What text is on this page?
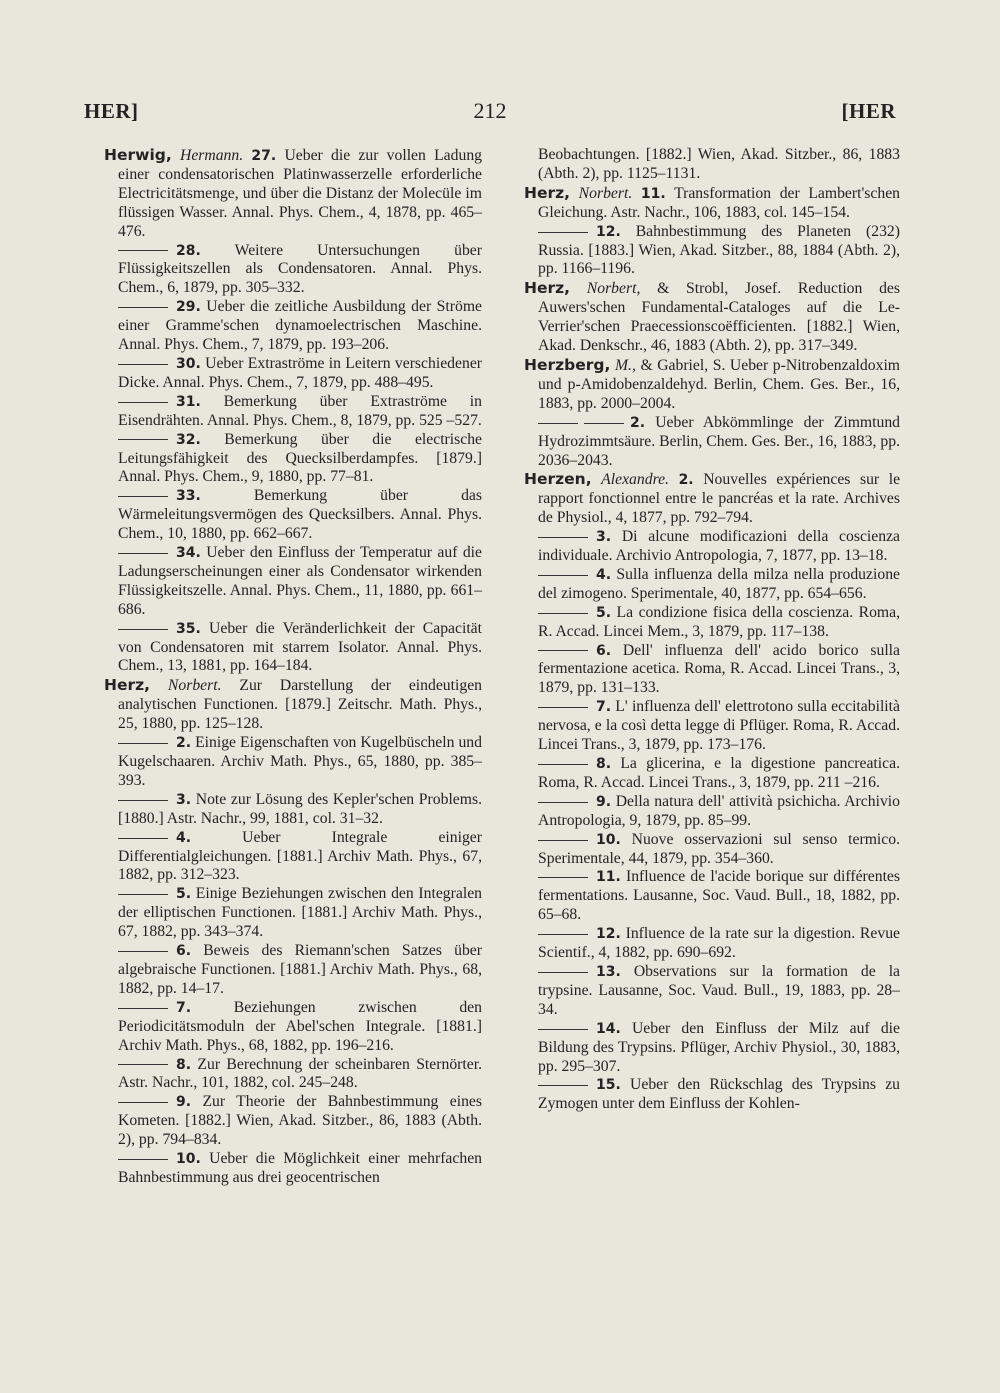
HER]	212	[HER

Herwig, Hermann. 27. Ueber die zur vollen Ladung einer condensatorischen Platinwasserzelle erforderliche Electricitätsmenge, und über die Distanz der Molecüle im flüssigen Wasser. Annal. Phys. Chem., 4, 1878, pp. 465–476.

28. Weitere Untersuchungen über Flüssigkeitszellen als Condensatoren. Annal. Phys. Chem., 6, 1879, pp. 305–332.

29. Ueber die zeitliche Ausbildung der Ströme einer Gramme'schen dynamoelectrischen Maschine. Annal. Phys. Chem., 7, 1879, pp. 193–206.

30. Ueber Extraströme in Leitern verschiedener Dicke. Annal. Phys. Chem., 7, 1879, pp. 488–495.

31. Bemerkung über Extraströme in Eisendrähten. Annal. Phys. Chem., 8, 1879, pp. 525 –527.

32. Bemerkung über die electrische Leitungsfähigkeit des Quecksilberdampfes. [1879.] Annal. Phys. Chem., 9, 1880, pp. 77–81.

33.	Bemerkung über das Wärmeleitungsvermögen des Quecksilbers. Annal. Phys. Chem., 10, 1880, pp. 662–667.

34. Ueber den Einfluss der Temperatur auf die Ladungserscheinungen einer als Condensator wirkenden Flüssigkeitszelle. Annal. Phys. Chem., 11, 1880, pp. 661–686.

35. Ueber die Veränderlichkeit der Capacität von Condensatoren mit starrem Isolator. Annal. Phys. Chem., 13, 1881, pp. 164–184.

Herz, Norbert. Zur Darstellung der eindeutigen analytischen Functionen. [1879.] Zeitschr. Math. Phys., 25, 1880, pp. 125–128.

2. Einige Eigenschaften von Kugelbüscheln und Kugelschaaren. Archiv Math. Phys., 65, 1880, pp. 385–393.

3. Note zur Lösung des Kepler'schen Problems. [1880.] Astr. Nachr., 99, 1881, col. 31–32.

4.	Ueber Integrale einiger Differentialgleichungen. [1881.] Archiv Math. Phys., 67, 1882, pp. 312–323.

5. Einige Beziehungen zwischen den Integralen der elliptischen Functionen. [1881.] Archiv Math. Phys., 67, 1882, pp. 343–374.

6. Beweis des Riemann'schen Satzes über algebraische Functionen. [1881.] Archiv Math. Phys., 68, 1882, pp. 14–17.

7.	Beziehungen zwischen den Periodicitätsmoduln der Abel'schen Integrale. [1881.] Archiv Math. Phys., 68, 1882, pp. 196–216.

8. Zur Berechnung der scheinbaren Sternörter. Astr. Nachr., 101, 1882, col. 245–248.

9. Zur Theorie der Bahnbestimmung eines Kometen. [1882.] Wien, Akad. Sitzber., 86, 1883 (Abth. 2), pp. 794–834.

10. Ueber die Möglichkeit einer mehrfachen Bahnbestimmung aus drei geocentrischen

Beobachtungen. [1882.] Wien, Akad. Sitzber., 86, 1883 (Abth. 2), pp. 1125–1131.

Herz, Norbert. 11. Transformation der Lambert'schen Gleichung. Astr. Nachr., 106, 1883, col. 145–154.

12. Bahnbestimmung des Planeten (232) Russia. [1883.] Wien, Akad. Sitzber., 88, 1884 (Abth. 2), pp. 1166–1196.

Herz, Norbert, & Strobl, Josef. Reduction des Auwers'schen Fundamental-Cataloges auf die Le-Verrier'schen Praecessionscoëfficienten. [1882.] Wien, Akad. Denkschr., 46, 1883 (Abth. 2), pp. 317–349.

Herzberg, M., & Gabriel, S. Ueber p-Nitrobenzaldoxim und p-Amidobenzaldehyd. Berlin, Chem. Ges. Ber., 16, 1883, pp. 2000–2004.

2. Ueber Abkömmlinge der Zimmtund Hydrozimmtsäure. Berlin, Chem. Ges. Ber., 16, 1883, pp. 2036–2043.

Herzen, Alexandre. 2. Nouvelles expériences sur le rapport fonctionnel entre le pancréas et la rate. Archives de Physiol., 4, 1877, pp. 792–794.

3. Di alcune modificazioni della coscienza individuale. Archivio Antropologia, 7, 1877, pp. 13–18.

4. Sulla influenza della milza nella produzione del zimogeno. Sperimentale, 40, 1877, pp. 654–656.

5. La condizione fisica della coscienza. Roma, R. Accad. Lincei Mem., 3, 1879, pp. 117–138.

6. Dell' influenza dell' acido borico sulla fermentazione acetica. Roma, R. Accad. Lincei Trans., 3, 1879, pp. 131–133.

7. L' influenza dell' elettrotono sulla eccitabilità nervosa, e la così detta legge di Pflüger. Roma, R. Accad. Lincei Trans., 3, 1879, pp. 173–176.

8. La glicerina, e la digestione pancreatica. Roma, R. Accad. Lincei Trans., 3, 1879, pp. 211 –216.

9. Della natura dell' attività psichicha. Archivio Antropologia, 9, 1879, pp. 85–99.

10. Nuove osservazioni sul senso termico. Sperimentale, 44, 1879, pp. 354–360.

11. Influence de l'acide borique sur différentes fermentations. Lausanne, Soc. Vaud. Bull., 18, 1882, pp. 65–68.

12. Influence de la rate sur la digestion. Revue Scientif., 4, 1882, pp. 690–692.

13. Observations sur la formation de la trypsine. Lausanne, Soc. Vaud. Bull., 19, 1883, pp. 28–34.

14. Ueber den Einfluss der Milz auf die Bildung des Trypsins. Pflüger, Archiv Physiol., 30, 1883, pp. 295–307.

15. Ueber den Rückschlag des Trypsins zu Zymogen unter dem Einfluss der Kohlen-
